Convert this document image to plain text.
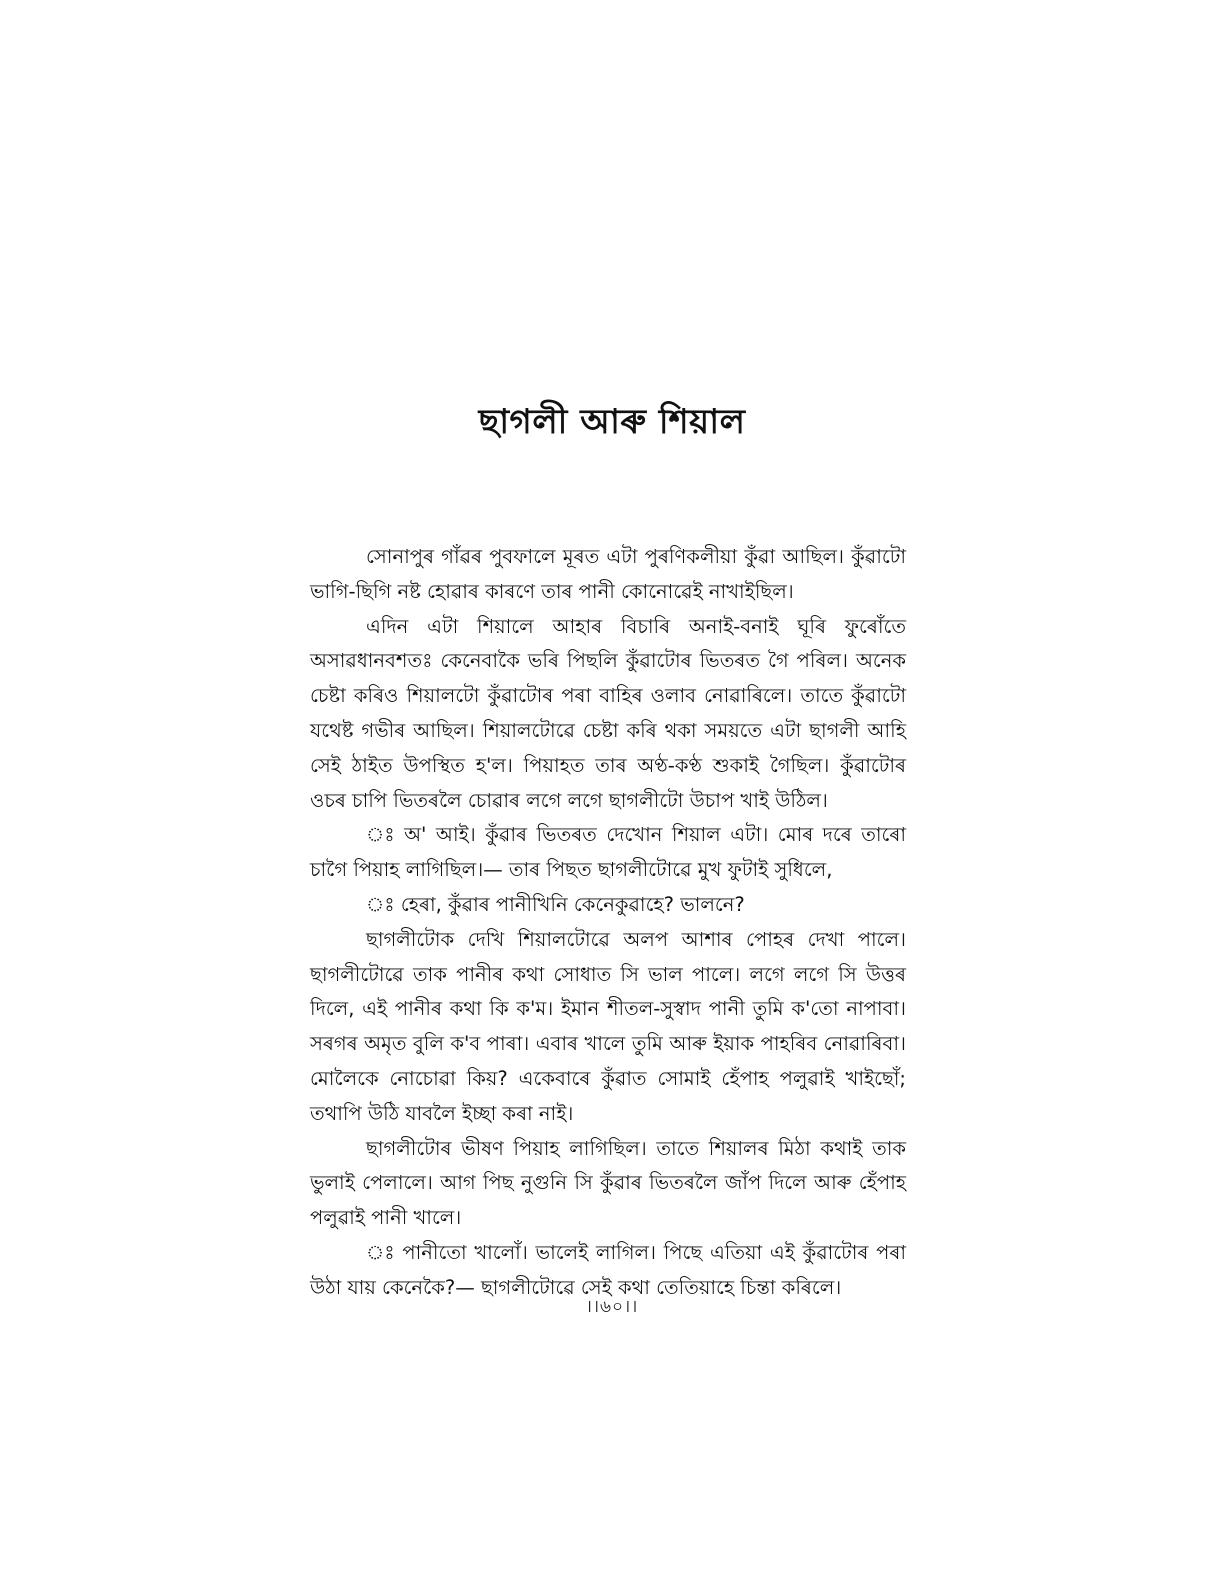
ছাগলী আৰু শিয়াল

সোনাপুৰ গাঁৱৰ পুবফালে মূৰত এটা পুৰণিকলীয়া কুঁৱা আছিল। কুঁৱাটো ভাগি-ছিগি নষ্ট হোৱাৰ কাৰণে তাৰ পানী কোনোৱেই নাখাইছিল।

এদিন এটা শিয়ালে আহাৰ বিচাৰি অনাই-বনাই ঘূৰি ফুৰোঁতে অসাৱধানবশতঃ কেনেবাকৈ ভৰি পিছলি কুঁৱাটোৰ ভিতৰত গৈ পৰিল। অনেক চেষ্টা কৰিও শিয়ালটো কুঁৱাটোৰ পৰা বাহিৰ ওলাব নোৱাৰিলে। তাতে কুঁৱাটো যথেষ্ট গভীৰ আছিল। শিয়ালটোৱে চেষ্টা কৰি থকা সময়তে এটা ছাগলী আহি সেই ঠাইত উপস্থিত হ'ল। পিয়াহত তাৰ অণ্ঠ-কণ্ঠ শুকাই গৈছিল। কুঁৱাটোৰ ওচৰ চাপি ভিতৰলৈ চোৱাৰ লগে লগে ছাগলীটো উচাপ খাই উঠিল।

ঃ অ' আই। কুঁৱাৰ ভিতৰত দেখোন শিয়াল এটা। মোৰ দৰে তাৰো চাগৈ পিয়াহ লাগিছিল।— তাৰ পিছত ছাগলীটোৱে মুখ ফুটাই সুধিলে,

ঃ হেৰা, কুঁৱাৰ পানীখিনি কেনেকুৱাহে? ভালনে?

ছাগলীটোক দেখি শিয়ালটোৱে অলপ আশাৰ পোহৰ দেখা পালে। ছাগলীটোৱে তাক পানীৰ কথা সোধাত সি ভাল পালে। লগে লগে সি উত্তৰ দিলে, এই পানীৰ কথা কি ক'ম। ইমান শীতল-সুস্বাদ পানী তুমি ক'তো নাপাবা। সৰগৰ অমৃত বুলি ক'ব পাৰা। এবাৰ খালে তুমি আৰু ইয়াক পাহৰিব নোৱাৰিবা। মোলৈকে নোচোৱা কিয়? একেবাৰে কুঁৱাত সোমাই হেঁপাহ পলুৱাই খাইছোঁ; তথাপি উঠি যাবলৈ ইচ্ছা কৰা নাই।

ছাগলীটোৰ ভীষণ পিয়াহ লাগিছিল। তাতে শিয়ালৰ মিঠা কথাই তাক ভুলাই পেলালে। আগ পিছ নুগুনি সি কুঁৱাৰ ভিতৰলৈ জাঁপ দিলে আৰু হেঁপাহ পলুৱাই পানী খালে।

ঃ পানীতো খালোঁ। ভালেই লাগিল। পিছে এতিয়া এই কুঁৱাটোৰ পৰা উঠা যায় কেনেকৈ?— ছাগলীটোৱে সেই কথা তেতিয়াহে চিন্তা কৰিলে।

।।৬০।।
